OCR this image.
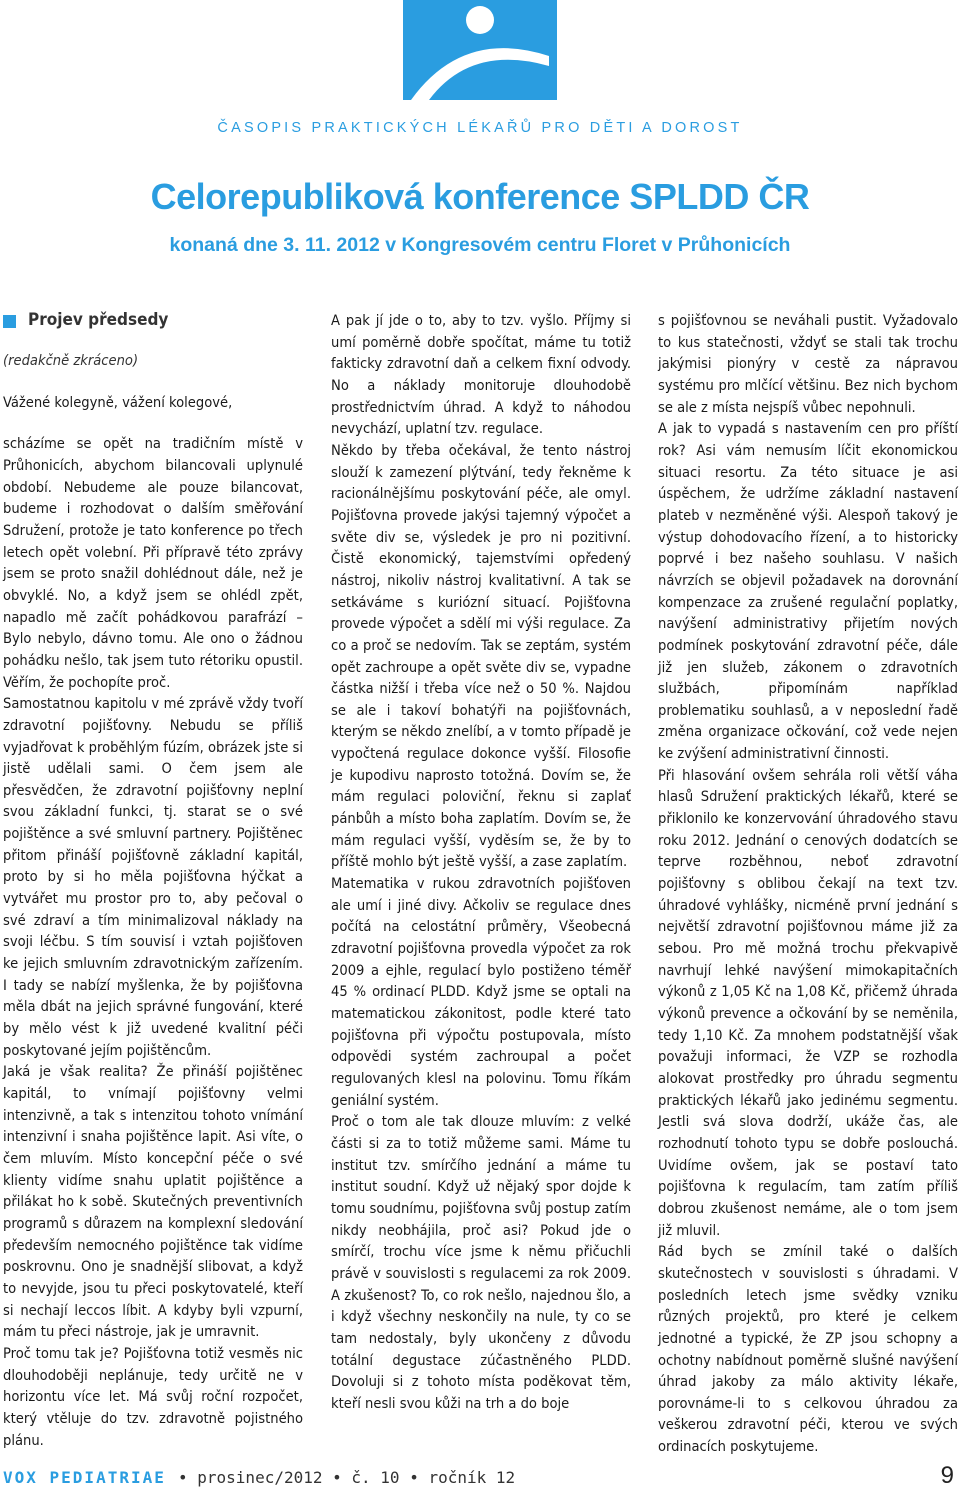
ČASOPIS PRAKTICKÝCH LÉKAŘŮ PRO DĚTI A DOROST
Celorepubliková konference SPLDD ČR
konaná dne 3. 11. 2012 v Kongresovém centru Floret v Průhonicích
Projev předsedy

(redakčně zkráceno)

Vážené kolegyně, vážení kolegové,

scházíme se opět na tradičním místě v Průhonicích, abychom bilancovali uplynulé období. Nebudeme ale pouze bilancovat, budeme i rozhodovat o dalším směřování Sdružení, protože je tato konference po třech letech opět volební. Při přípravě této zprávy jsem se proto snažil dohlédnout dále, než je obvyklé. No, a když jsem se ohlédl zpět, napadlo mě začít pohádkovou parafrází – Bylo nebylo, dávno tomu. Ale ono o žádnou pohádku nešlo, tak jsem tuto rétoriku opustil. Věřím, že pochopíte proč.

Samostatnou kapitolu v mé zprávě vždy tvoří zdravotní pojišťovny. Nebudu se příliš vyjadřovat k proběhlým fúzím, obrázek jste si jistě udělali sami. O čem jsem ale přesvědčen, že zdravotní pojišťovny neplní svou základní funkci, tj. starat se o své pojištěnce a své smluvní partnery. Pojištěnec přitom přináší pojišťovně základní kapitál, proto by si ho měla pojišťovna hýčkat a vytvářet mu prostor pro to, aby pečoval o své zdraví a tím minimalizoval náklady na svoji léčbu. S tím souvisí i vztah pojišťoven ke jejich smluvním zdravotnickým zařízením. I tady se nabízí myšlenka, že by pojišťovna měla dbát na jejich správné fungování, které by mělo vést k již uvedené kvalitní péči poskytované jejím pojištěncům.

Jaká je však realita? Že přináší pojištěnec kapitál, to vnímají pojišťovny velmi intenzivně, a tak s intenzitou tohoto vnímání intenzivní i snaha pojištěnce lapit. Asi víte, o čem mluvím. Místo koncepční péče o své klienty vidíme snahu uplatit pojištěnce a přilákat ho k sobě. Skutečných preventivních programů s důrazem na komplexní sledování především nemocného pojištěnce tak vidíme poskrovnu. Ono je snadnější slibovat, a když to nevyjde, jsou tu přeci poskytovatelé, kteří si nechají leccos líbit. A kdyby byli vzpurní, mám tu přeci nástroje, jak je umravnit.

Proč tomu tak je? Pojišťovna totiž vesměs nic dlouhodoběji neplánuje, tedy určitě ne v horizontu více let. Má svůj roční rozpočet, který vtěluje do tzv. zdravotně pojistného plánu.

A pak jí jde o to, aby to tzv. vyšlo. Příjmy si umí poměrně dobře spočítat, máme tu totiž fakticky zdravotní daň a celkem fixní odvody. No a náklady monitoruje dlouhodobě prostřednictvím úhrad. A když to náhodou nevychází, uplatní tzv. regulace.

Někdo by třeba očekával, že tento nástroj slouží k zamezení plýtvání, tedy řekněme k racionálnějšímu poskytování péče, ale omyl. Pojišťovna provede jakýsi tajemný výpočet a světe div se, výsledek je pro ni pozitivní. Čistě ekonomický, tajemstvími opředený nástroj, nikoliv nástroj kvalitativní. A tak se setkáváme s kuriózní situací. Pojišťovna provede výpočet a sdělí mi výši regulace. Za co a proč se nedovím. Tak se zeptám, systém opět zachroupe a opět světe div se, vypadne částka nižší i třeba více než o 50 %. Najdou se ale i takoví bohatýři na pojišťovnách, kterým se někdo znelíbí, a v tomto případě je vypočtená regulace dokonce vyšší. Filosofie je kupodivu naprosto totožná. Dovím se, že mám regulaci poloviční, řeknu si zaplať pánbůh a místo boha zaplatím. Dovím se, že mám regulaci vyšší, vyděsím se, že by to příště mohlo být ještě vyšší, a zase zaplatím.

Matematika v rukou zdravotních pojišťoven ale umí i jiné divy. Ačkoliv se regulace dnes počítá na celostátní průměry, Všeobecná zdravotní pojišťovna provedla výpočet za rok 2009 a ejhle, regulací bylo postiženo téměř 45 % ordinací PLDD. Když jsme se optali na matematickou zákonitost, podle které tato pojišťovna při výpočtu postupovala, místo odpovědi systém zachroupal a počet regulovaných klesl na polovinu. Tomu říkám geniální systém.

Proč o tom ale tak dlouze mluvím: z velké části si za to totiž můžeme sami. Máme tu institut tzv. smírčího jednání a máme tu institut soudní. Když už nějaký spor dojde k tomu soudnímu, pojišťovna svůj postup zatím nikdy neobhájila, proč asi? Pokud jde o smírčí, trochu více jsme k němu přičuchli právě v souvislosti s regulacemi za rok 2009. A zkušenost? To, co rok nešlo, najednou šlo, a i když všechny neskončily na nule, ty co se tam nedostaly, byly ukončeny z důvodu totální degustace zúčastněného PLDD. Dovoluji si z tohoto místa poděkovat těm, kteří nesli svou kůži na trh a do boje

s pojišťovnou se neváhali pustit. Vyžadovalo to kus statečnosti, vždyť se stali tak trochu jakýmisi pionýry v cestě za nápravou systému pro mlčící většinu. Bez nich bychom se ale z místa nejspíš vůbec nepohnuli.

A jak to vypadá s nastavením cen pro příští rok? Asi vám nemusím líčit ekonomickou situaci resortu. Za této situace je asi úspěchem, že udržíme základní nastavení plateb v nezměněné výši. Alespoň takový je výstup dohodovacího řízení, a to historicky poprvé i bez našeho souhlasu. V našich návrzích se objevil požadavek na dorovnání kompenzace za zrušené regulační poplatky, navýšení administrativy přijetím nových podmínek poskytování zdravotní péče, dále již jen služeb, zákonem o zdravotních službách, připomínám například problematiku souhlasů, a v neposlední řadě změna organizace očkování, což vede nejen ke zvýšení administrativní činnosti.

Při hlasování ovšem sehrála roli větší váha hlasů Sdružení praktických lékařů, které se přiklonilo ke konzervování úhradového stavu roku 2012. Jednání o cenových dodatcích se teprve rozběhnou, neboť zdravotní pojišťovny s oblibou čekají na text tzv. úhradové vyhlášky, nicméně první jednání s největší zdravotní pojišťovnou máme již za sebou. Pro mě možná trochu překvapivě navrhují lehké navýšení mimokapitačních výkonů z 1,05 Kč na 1,08 Kč, přičemž úhrada výkonů prevence a očkování by se neměnila, tedy 1,10 Kč. Za mnohem podstatnější však považuji informaci, že VZP se rozhodla alokovat prostředky pro úhradu segmentu praktických lékařů jako jedinému segmentu. Jestli svá slova dodrží, ukáže čas, ale rozhodnutí tohoto typu se dobře poslouchá. Uvidíme ovšem, jak se postaví tato pojišťovna k regulacím, tam zatím příliš dobrou zkušenost nemáme, ale o tom jsem již mluvil.

Rád bych se zmínil také o dalších skutečnostech v souvislosti s úhradami. V posledních letech jsme svědky vzniku různých projektů, pro které je celkem jednotné a typické, že ZP jsou schopny a ochotny nabídnout poměrně slušné navýšení úhrad jakoby za málo aktivity lékaře, porovnáme-li to s celkovou úhradou za veškerou zdravotní péči, kterou ve svých ordinacích poskytujeme.

VOX PEDIATRIAE • prosinec/2012 • č. 10 • ročník 12	9
